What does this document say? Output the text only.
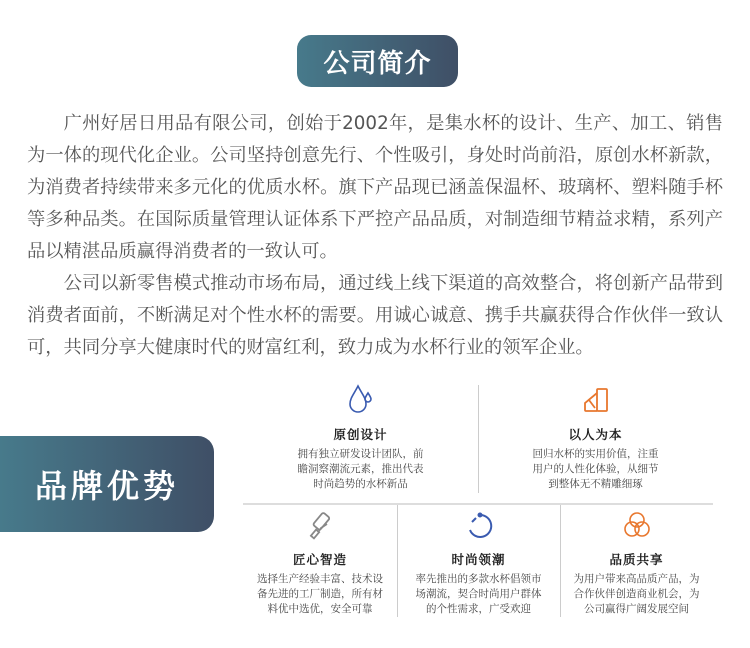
公司简介

广州好居日用品有限公司，创始于2002年，是集水杯的设计、生产、加工、销售为一体的现代化企业。公司坚持创意先行、个性吸引，身处时尚前沿，原创水杯新款，为消费者持续带来多元化的优质水杯。旗下产品现已涵盖保温杯、玻璃杯、塑料随手杯等多种品类。在国际质量管理认证体系下严控产品品质，对制造细节精益求精，系列产品以精湛品质赢得消费者的一致认可。

公司以新零售模式推动市场布局，通过线上线下渠道的高效整合，将创新产品带到消费者面前，不断满足对个性水杯的需要。用诚心诚意、携手共赢获得合作伙伴一致认可，共同分享大健康时代的财富红利，致力成为水杯行业的领军企业。

品牌优势
原创设计
拥有独立研发设计团队，前
瞻洞察潮流元素，推出代表
时尚趋势的水杯新品
以人为本
回归水杯的实用价值，注重
用户的人性化体验，从细节
到整体无不精雕细琢
匠心智造
选择生产经验丰富、技术设
备先进的工厂制造，所有材
料优中选优，安全可靠
时尚领潮
率先推出的多款水杯倡领市
场潮流，契合时尚用户群体
的个性需求，广受欢迎
品质共享
为用户带来高品质产品，为
合作伙伴创造商业机会，为
公司赢得广阔发展空间
